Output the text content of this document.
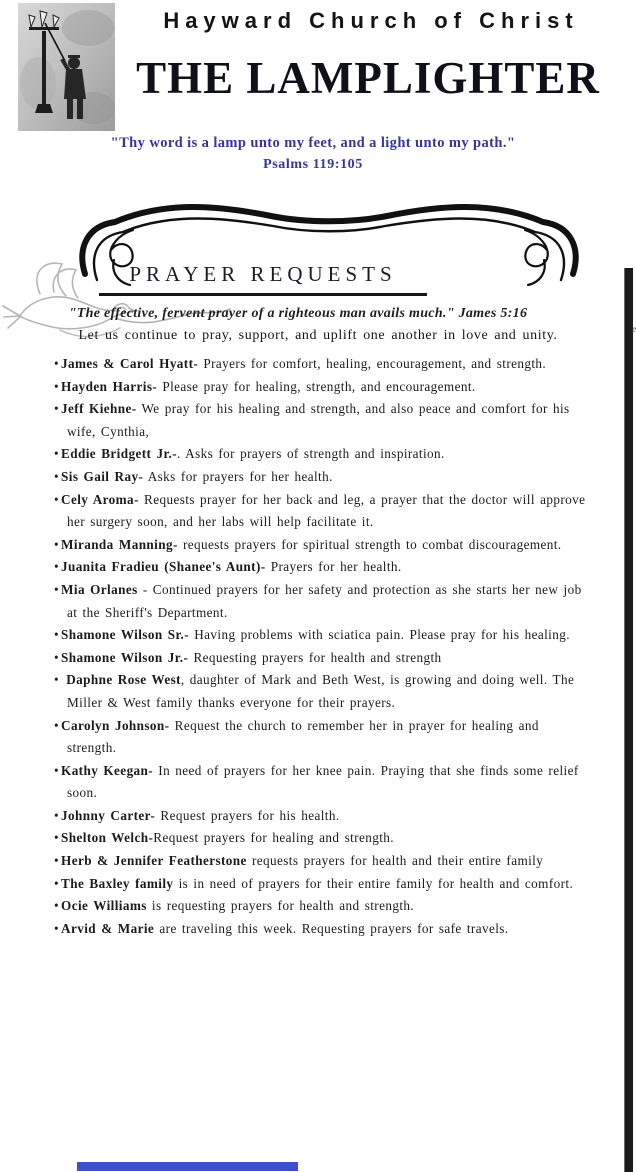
Hayward Church of Christ
THE LAMPLIGHTER
"Thy word is a lamp unto my feet, and a light unto my path."
Psalms 119:105
PRAYER REQUESTS
"The effective, fervent prayer of a righteous man avails much." James 5:16
Let us continue to pray, support, and uplift one another in love and unity.
• James & Carol Hyatt- Prayers for comfort, healing, encouragement, and strength.
• Hayden Harris- Please pray for healing, strength, and encouragement.
• Jeff Kiehne- We pray for his healing and strength, and also peace and comfort for his wife, Cynthia,
• Eddie Bridgett Jr.-. Asks for prayers of strength and inspiration.
• Sis Gail Ray- Asks for prayers for her health.
• Cely Aroma- Requests prayer for her back and leg, a prayer that the doctor will approve her surgery soon, and her labs will help facilitate it.
• Miranda Manning- requests prayers for spiritual strength to combat discouragement.
• Juanita Fradieu (Shanee's Aunt)- Prayers for her health.
• Mia Orlanes - Continued prayers for her safety and protection as she starts her new job at the Sheriff's Department.
• Shamone Wilson Sr.- Having problems with sciatica pain. Please pray for his healing.
• Shamone Wilson Jr.- Requesting prayers for health and strength
• Daphne Rose West, daughter of Mark and Beth West, is growing and doing well. The Miller & West family thanks everyone for their prayers.
• Carolyn Johnson- Request the church to remember her in prayer for healing and strength.
• Kathy Keegan- In need of prayers for her knee pain. Praying that she finds some relief soon.
• Johnny Carter- Request prayers for his health.
• Shelton Welch-Request prayers for healing and strength.
• Herb & Jennifer Featherstone requests prayers for health and their entire family
• The Baxley family is in need of prayers for their entire family for health and comfort.
• Ocie Williams is requesting prayers for health and strength.
• Arvid & Marie are traveling this week. Requesting prayers for safe travels.
e
